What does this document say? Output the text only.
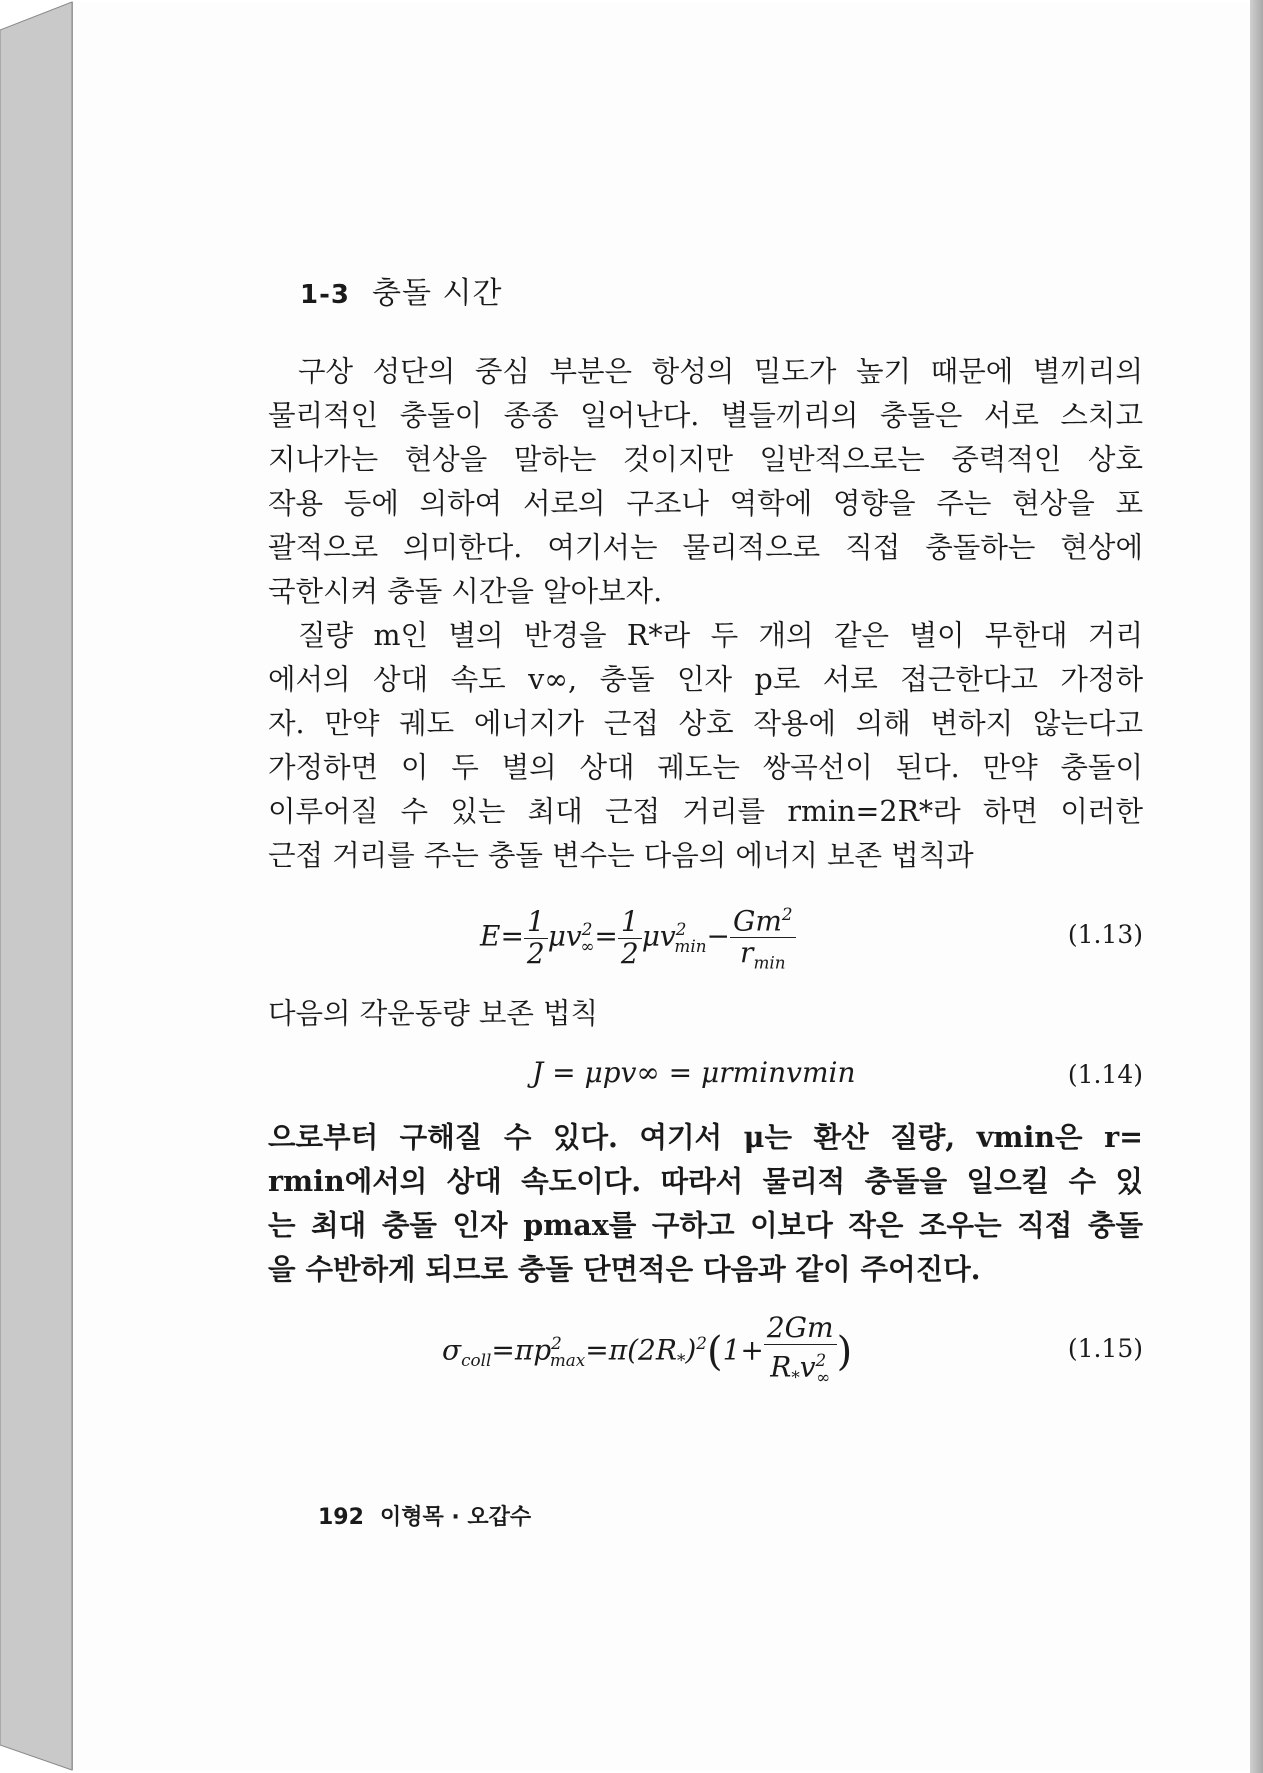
1-3 충돌 시간
구상 성단의 중심 부분은 항성의 밀도가 높기 때문에 별끼리의
물리적인 충돌이 종종 일어난다. 별들끼리의 충돌은 서로 스치고
지나가는 현상을 말하는 것이지만 일반적으로는 중력적인 상호
작용 등에 의하여 서로의 구조나 역학에 영향을 주는 현상을 포
괄적으로 의미한다. 여기서는 물리적으로 직접 충돌하는 현상에
국한시켜 충돌 시간을 알아보자.
질량 m인 별의 반경을 R*라 두 개의 같은 별이 무한대 거리
에서의 상대 속도 v∞, 충돌 인자 p로 서로 접근한다고 가정하
자. 만약 궤도 에너지가 근접 상호 작용에 의해 변하지 않는다고
가정하면 이 두 별의 상대 궤도는 쌍곡선이 된다. 만약 충돌이
이루어질 수 있는 최대 근접 거리를 rmin=2R*라 하면 이러한
근접 거리를 주는 충돌 변수는 다음의 에너지 보존 법칙과
$E= \frac{1}{2} \mu v^2_\infty= \frac{1}{2} \mu v^2_{min}- \frac{Gm^2}{r_{min}}$	(1.13)
다음의 각운동량 보존 법칙
J = μpv∞ = μrminvmin	(1.14)
으로부터 구해질 수 있다. 여기서 μ는 환산 질량, vmin은 r=
rmin에서의 상대 속도이다. 따라서 물리적 충돌을 일으킬 수 있
는 최대 충돌 인자 pmax를 구하고 이보다 작은 조우는 직접 충돌
을 수반하게 되므로 충돌 단면적은 다음과 같이 주어진다.
$\sigma_{coll}=\pi p^2_{max}=\pi(2R_*)^2(1+ \frac{2Gm}{R_*v^2_\infty}$ )	(1.15)
192 이형목 · 오갑수
